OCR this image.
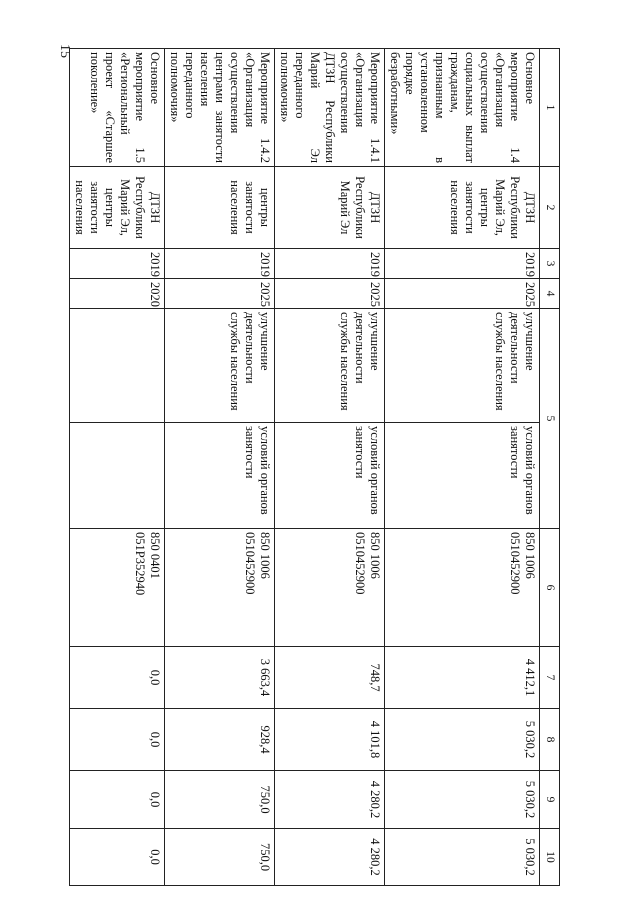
15
1	2	3	4	5		6	7	8	9	10
Основное мероприятие 1.4 «Организация осуществления социальных выплат гражданам, признанным в установленном порядке безработными»	ДТЗН Республики Марий Эл, центры занятости населения	2019	2025	улучшение деятельности службы населения	условий органов занятости	850 1006 0510452900	4 412,1	5 030,2	5 030,2	5 030,2
Мероприятие 1.4.1 «Организация осуществления ДТЗН Республики Марий Эл переданного полномочия»	ДТЗН Республики Марий Эл	2019	2025	улучшение деятельности службы населения	условий органов занятости	850 1006 0510452900	748,7	4 101,8	4 280,2	4 280,2
Мероприятие 1.4.2 «Организация осуществления центрами занятости населения переданного полномочия»	центры занятости населения	2019	2025	улучшение деятельности службы населения	условий органов занятости	850 1006 0510452900	3 663,4	928,4	750,0	750,0
Основное мероприятие 1.5 «Региональный проект «Старшее поколение»	ДТЗН Республики Марий Эл, центры занятости населения	2019	2020			850 0401 051P352940	0,0	0,0	0,0	0,0
